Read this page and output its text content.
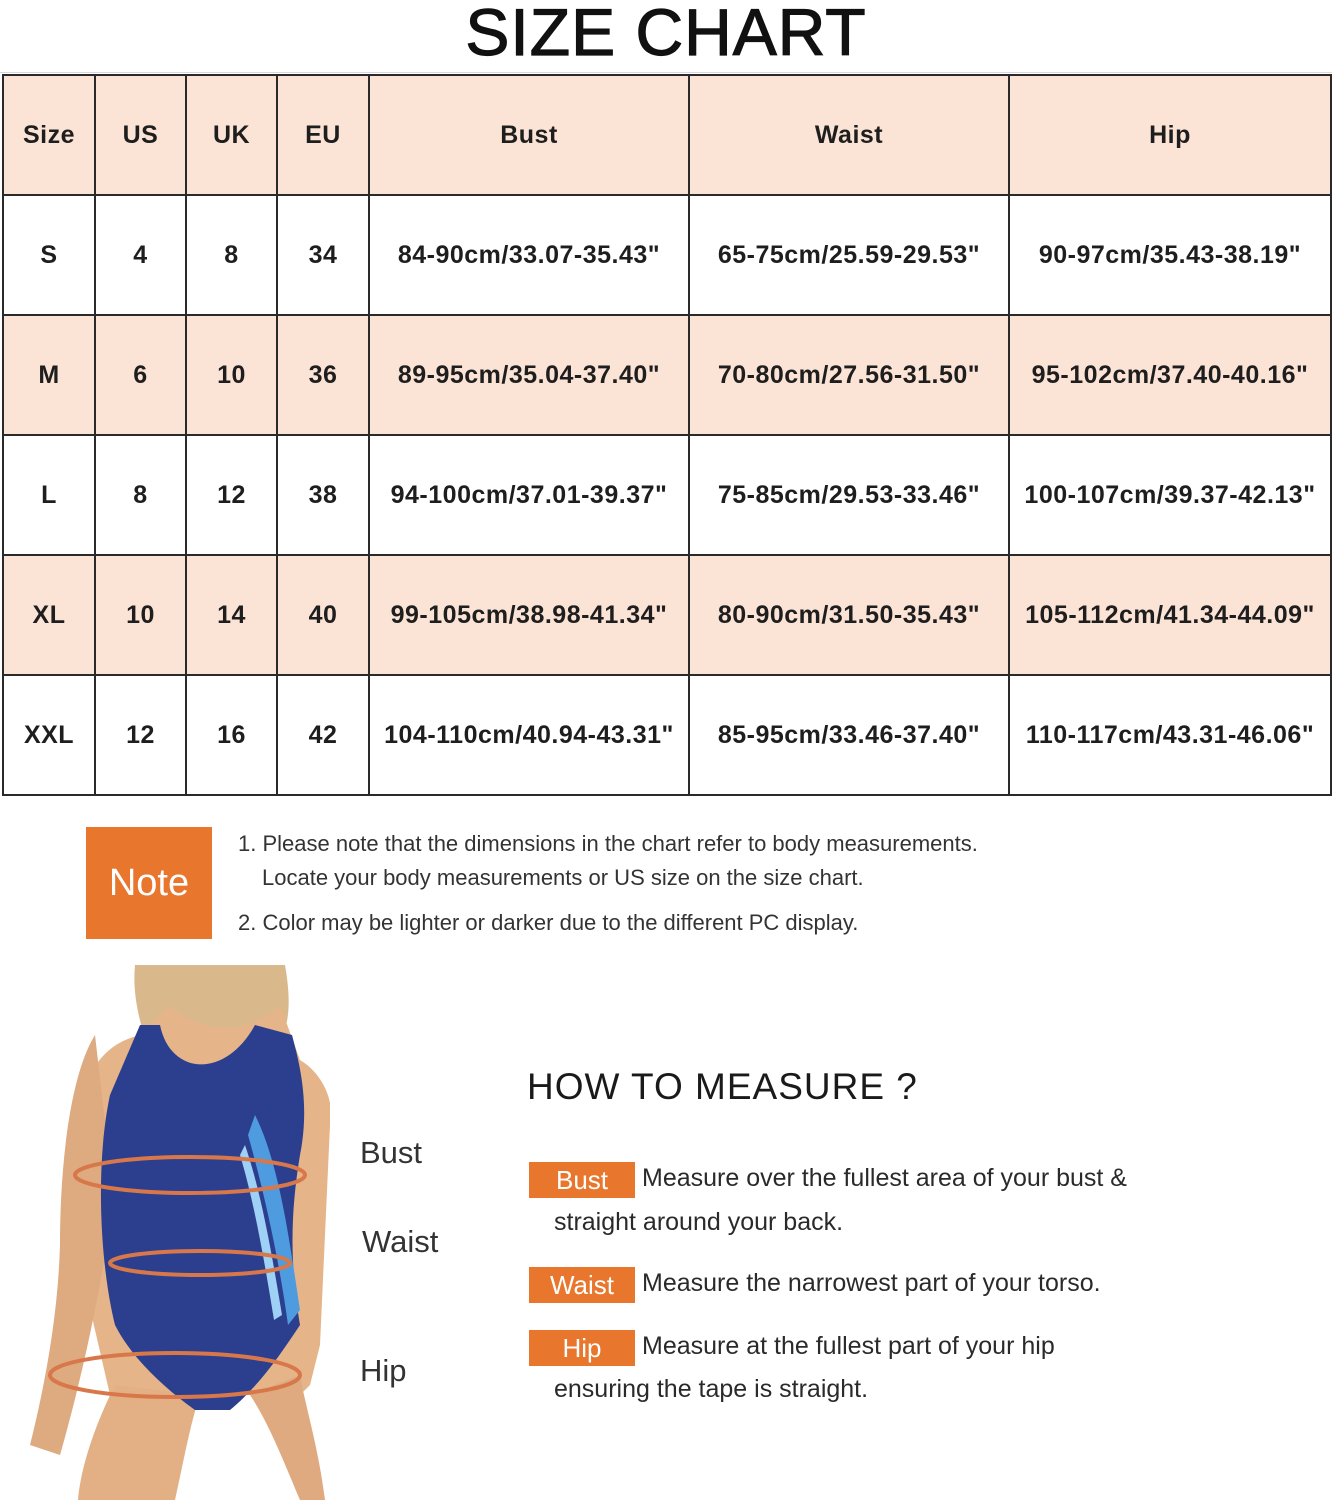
SIZE CHART
Size	US	UK	EU	Bust	Waist	Hip
S	4	8	34	84-90cm/33.07-35.43"	65-75cm/25.59-29.53"	90-97cm/35.43-38.19"
M	6	10	36	89-95cm/35.04-37.40"	70-80cm/27.56-31.50"	95-102cm/37.40-40.16"
L	8	12	38	94-100cm/37.01-39.37"	75-85cm/29.53-33.46"	100-107cm/39.37-42.13"
XL	10	14	40	99-105cm/38.98-41.34"	80-90cm/31.50-35.43"	105-112cm/41.34-44.09"
XXL	12	16	42	104-110cm/40.94-43.31"	85-95cm/33.46-37.40"	110-117cm/43.31-46.06"
Note
1. Please note that the dimensions in the chart refer to body measurements.
Locate your body measurements or US size on the size chart.
2. Color may be lighter or darker due to the different PC display.
Bust
Waist
Hip
HOW TO MEASURE ?
Bust	Measure over the fullest area of your bust &
straight around your back.
Waist	Measure the narrowest part of your torso.
Hip	Measure at the fullest part of your hip
ensuring the tape is straight.
